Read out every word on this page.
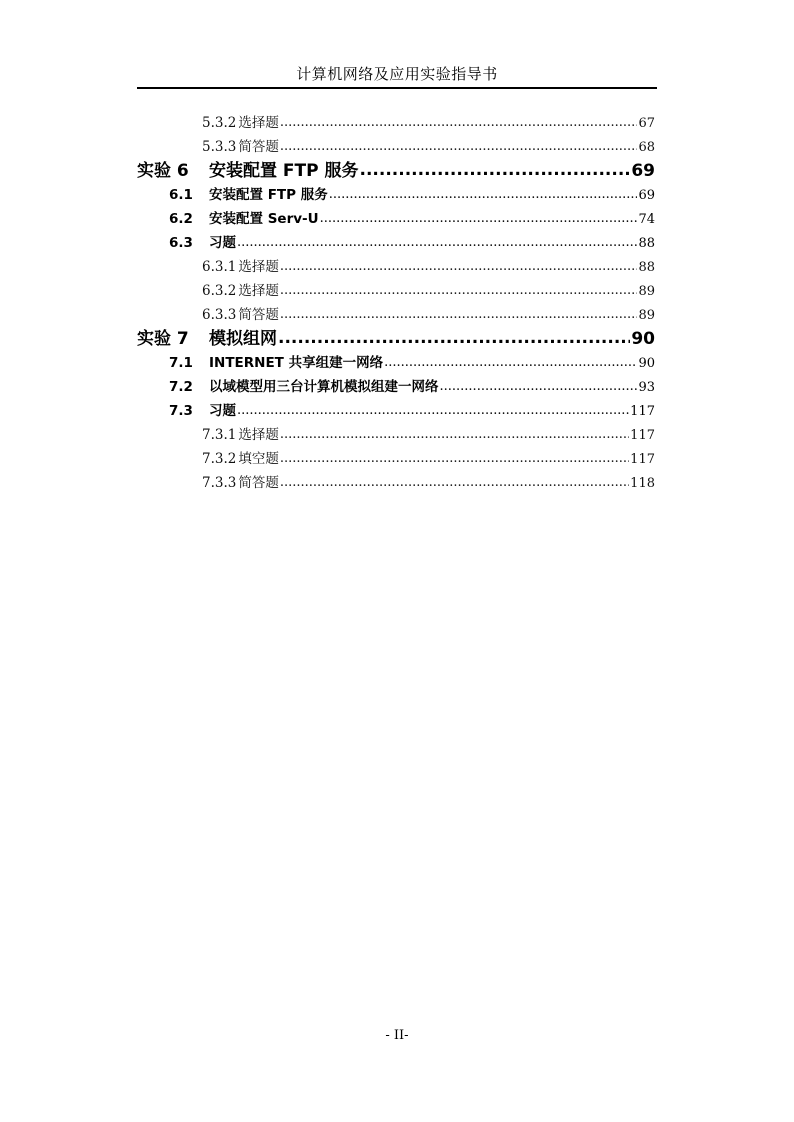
计算机网络及应用实验指导书
5.3.2 选择题 .....	67
5.3.3 简答题 .....	68
实验 6	安装配置 FTP 服务 .....	69
6.1	安装配置 FTP 服务 .....	69
6.2	安装配置 Serv-U .....	74
6.3	习题 .....	88
6.3.1 选择题 .....	88
6.3.2 选择题 .....	89
6.3.3 简答题 .....	89
实验 7	模拟组网 .....	90
7.1	INTERNET 共享组建一网络 .....	90
7.2	以域模型用三台计算机模拟组建一网络 .....	93
7.3	习题 .....	117
7.3.1 选择题 .....	117
7.3.2 填空题 .....	117
7.3.3 简答题 .....	118
- II-
